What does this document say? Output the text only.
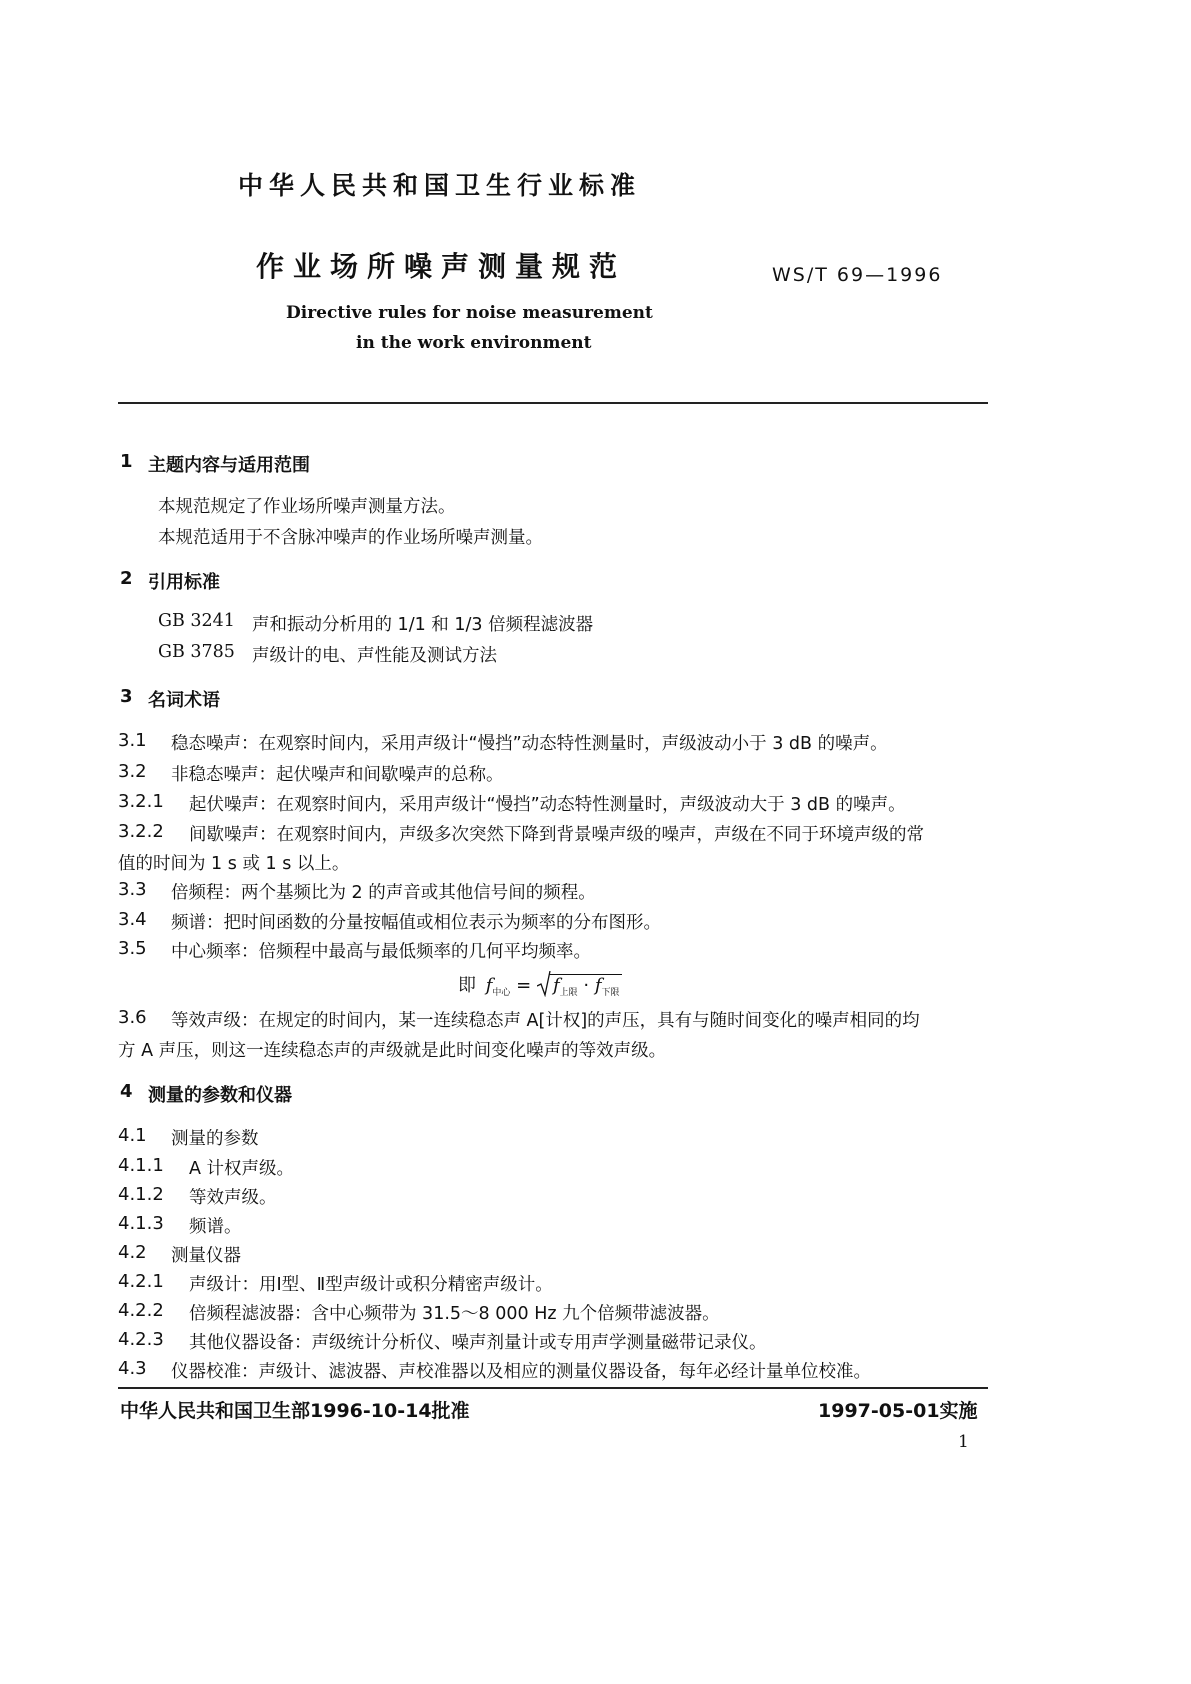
中华人民共和国卫生行业标准
作业场所噪声测量规范	WS/T 69—1996
Directive rules for noise measurement
in the work environment
1 主题内容与适用范围
本规范规定了作业场所噪声测量方法。
本规范适用于不含脉冲噪声的作业场所噪声测量。
2 引用标准
GB 3241 声和振动分析用的 1/1 和 1/3 倍频程滤波器
GB 3785 声级计的电、声性能及测试方法
3 名词术语
3.1 稳态噪声：在观察时间内，采用声级计“慢挡”动态特性测量时，声级波动小于 3 dB 的噪声。
3.2 非稳态噪声：起伏噪声和间歇噪声的总称。
3.2.1 起伏噪声：在观察时间内，采用声级计“慢挡”动态特性测量时，声级波动大于 3 dB 的噪声。
3.2.2 间歇噪声：在观察时间内，声级多次突然下降到背景噪声级的噪声，声级在不同于环境声级的常
值的时间为 1 s 或 1 s 以上。
3.3 倍频程：两个基频比为 2 的声音或其他信号间的频程。
3.4 频谱：把时间函数的分量按幅值或相位表示为频率的分布图形。
3.5 中心频率：倍频程中最高与最低频率的几何平均频率。
即 $f_{中心} = f_{上限} \cdot f_{下限}$
3.6 等效声级：在规定的时间内，某一连续稳态声 A[计权]的声压，具有与随时间变化的噪声相同的均
方 A 声压，则这一连续稳态声的声级就是此时间变化噪声的等效声级。
4 测量的参数和仪器
4.1 测量的参数
4.1.1 A 计权声级。
4.1.2 等效声级。
4.1.3 频谱。
4.2 测量仪器
4.2.1 声级计：用Ⅰ型、Ⅱ型声级计或积分精密声级计。
4.2.2 倍频程滤波器：含中心频带为 31.5～8 000 Hz 九个倍频带滤波器。
4.2.3 其他仪器设备：声级统计分析仪、噪声剂量计或专用声学测量磁带记录仪。
4.3 仪器校准：声级计、滤波器、声校准器以及相应的测量仪器设备，每年必经计量单位校准。
中华人民共和国卫生部1996-10-14批准	1997-05-01实施
1
